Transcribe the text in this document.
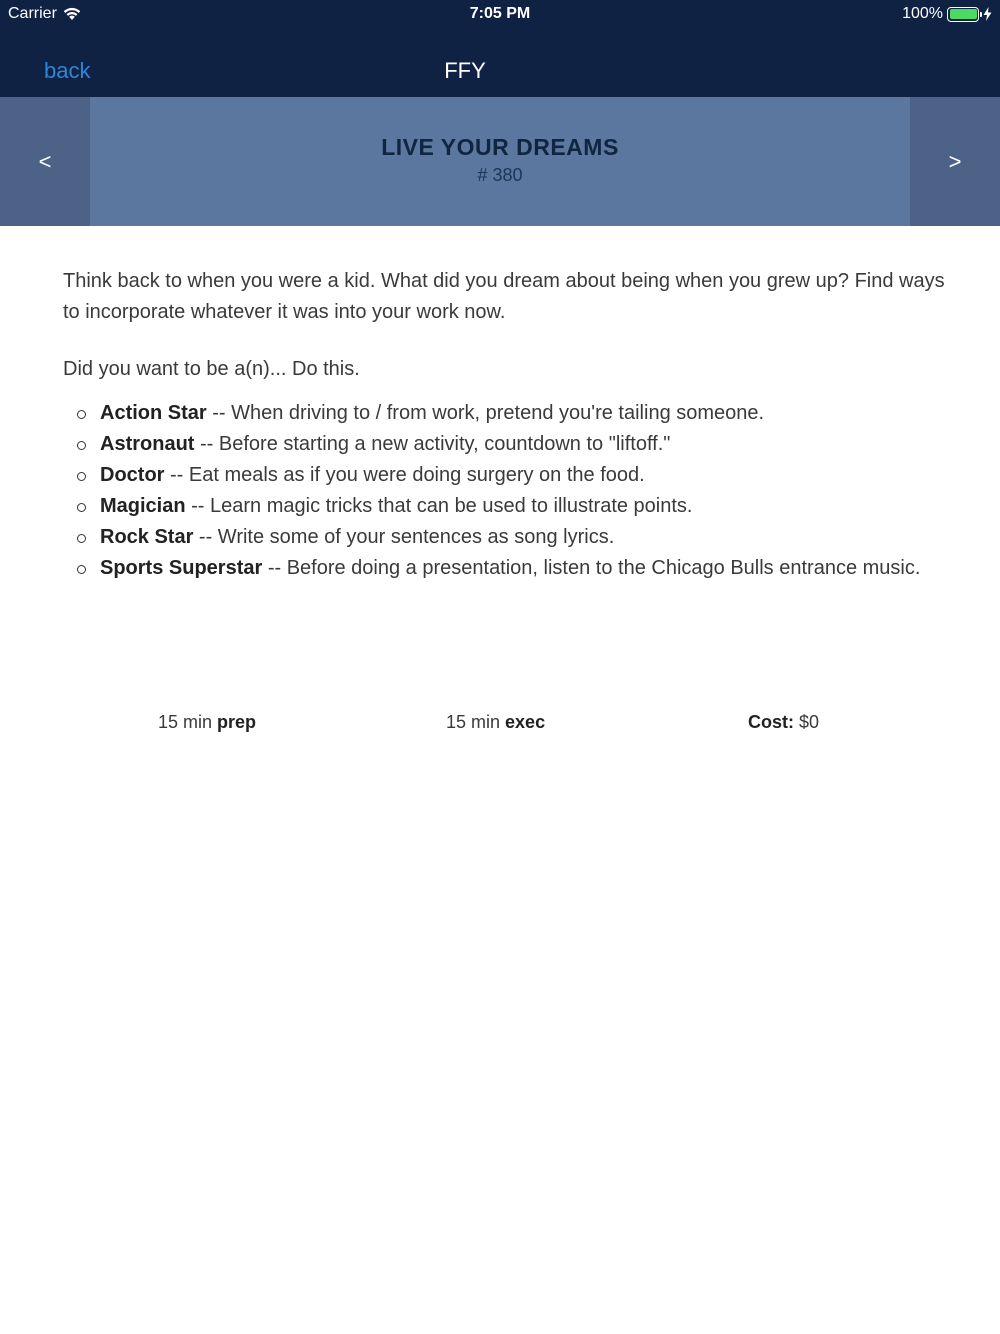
Carrier	7:05 PM	100%
back	FFY
<
LIVE YOUR DREAMS
# 380
>

Think back to when you were a kid. What did you dream about being when you grew up? Find ways to incorporate whatever it was into your work now.

Did you want to be a(n)... Do this.

Action Star -- When driving to / from work, pretend you're tailing someone.
Astronaut -- Before starting a new activity, countdown to "liftoff."
Doctor -- Eat meals as if you were doing surgery on the food.
Magician -- Learn magic tricks that can be used to illustrate points.
Rock Star -- Write some of your sentences as song lyrics.
Sports Superstar -- Before doing a presentation, listen to the Chicago Bulls entrance music.
15 min prep	15 min exec	Cost: $0
